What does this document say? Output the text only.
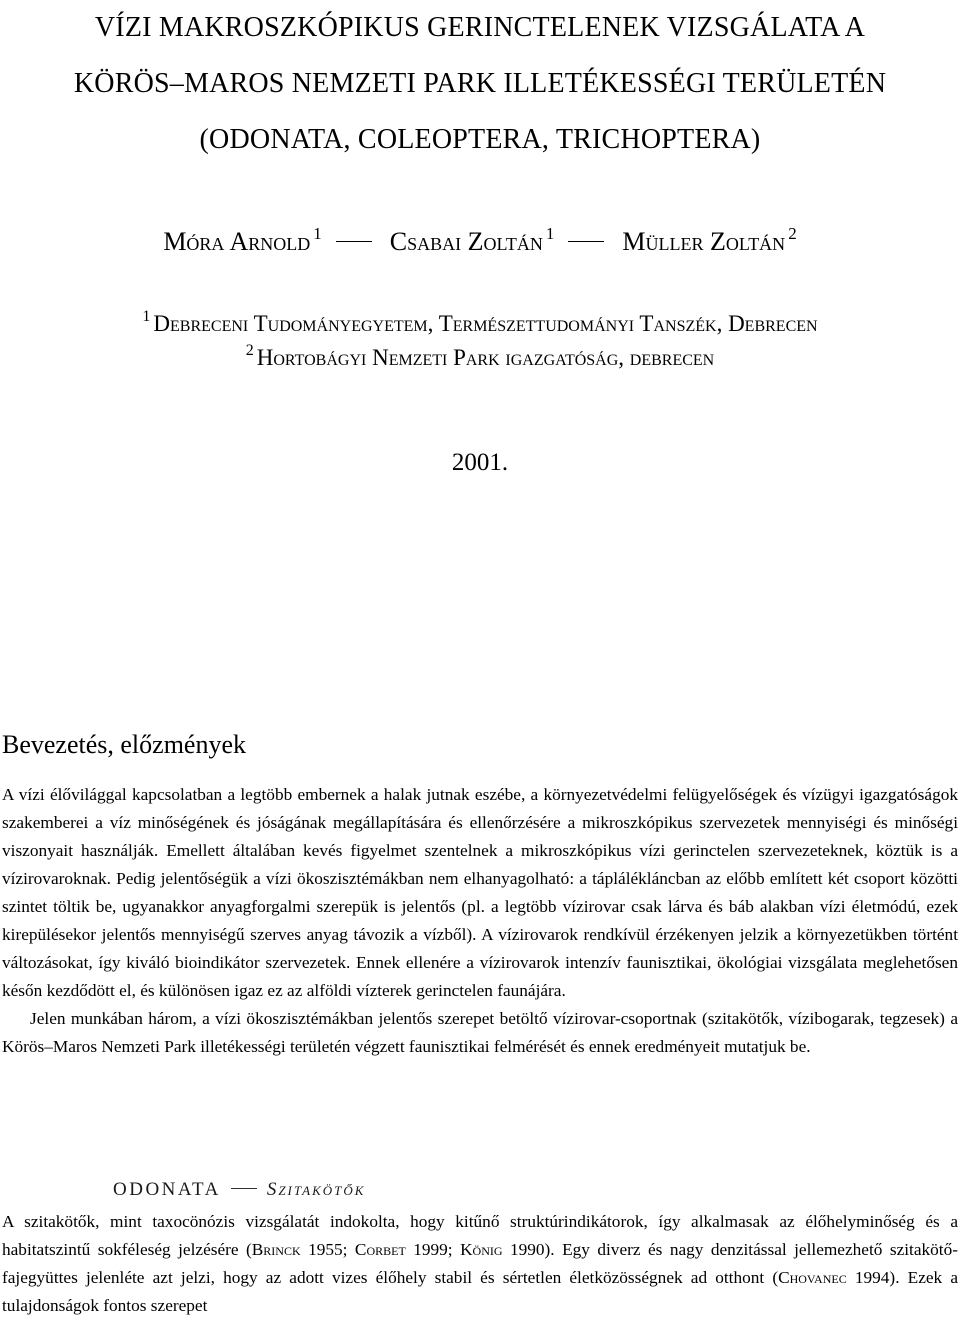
VÍZI MAKROSZKÓPIKUS GERINCTELENEK VIZSGÁLATA A
KÖRÖS–MAROS NEMZETI PARK ILLETÉKESSÉGI TERÜLETÉN
(ODONATA, COLEOPTERA, TRICHOPTERA)
Móra Arnold $^1$	Csabai Zoltán $^1$	Müller Zoltán $^2$
$^1$ Debreceni Tudományegyetem, Természettudományi Tanszék, Debrecen
$^2$ Hortobágyi Nemzeti Park igazgatóság, debrecen
2001.
Bevezetés, előzmények

A vízi élővilággal kapcsolatban a legtöbb embernek a halak jutnak eszébe, a környezetvédelmi felügyelőségek és vízügyi igazgatóságok szakemberei a víz minőségének és jóságának megállapítására és ellenőrzésére a mikroszkópikus szervezetek mennyiségi és minőségi viszonyait használják. Emellett általában kevés figyelmet szentelnek a mikroszkópikus vízi gerinctelen szervezeteknek, köztük is a vízirovaroknak. Pedig jelentőségük a vízi ökoszisztémákban nem elhanyagolható: a táplálékláncban az előbb említett két csoport közötti szintet töltik be, ugyanakkor anyagforgalmi szerepük is jelentős (pl. a legtöbb vízirovar csak lárva és báb alakban vízi életmódú, ezek kirepülésekor jelentős mennyiségű szerves anyag távozik a vízből). A vízirovarok rendkívül érzékenyen jelzik a környezetükben történt változásokat, így kiváló bioindikátor szervezetek. Ennek ellenére a vízirovarok intenzív faunisztikai, ökológiai vizsgálata meglehetősen későn kezdődött el, és különösen igaz ez az alföldi vízterek gerinctelen faunájára.

Jelen munkában három, a vízi ökoszisztémákban jelentős szerepet betöltő vízirovar-csoportnak (szitakötők, vízibogarak, tegzesek) a Körös–Maros Nemzeti Park illetékességi területén végzett faunisztikai felmérését és ennek eredményeit mutatjuk be.

ODONATA Szitakötők

A szitakötők, mint taxocönózis vizsgálatát indokolta, hogy kitűnő struktúrindikátorok, így alkalmasak az élőhelyminőség és a habitatszintű sokféleség jelzésére (Brinck 1955; Corbet 1999; König 1990). Egy diverz és nagy denzitással jellemezhető szitakötő-fajegyüttes jelenléte azt jelzi, hogy az adott vizes élőhely stabil és sértetlen életközösségnek ad otthont (Chovanec 1994). Ezek a tulajdonságok fontos szerepet
